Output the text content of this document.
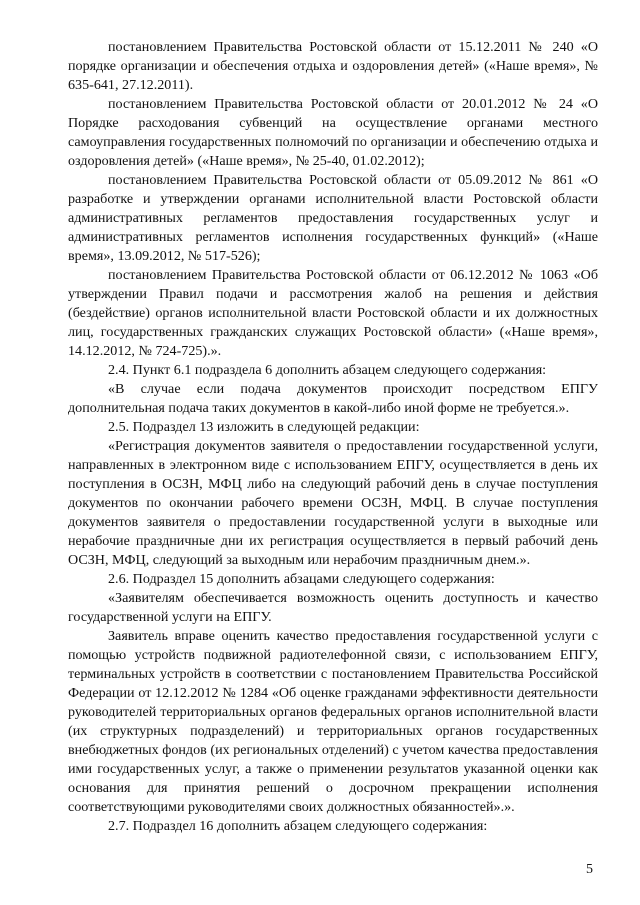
постановлением Правительства Ростовской области от 15.12.2011 № 240 «О порядке организации и обеспечения отдыха и оздоровления детей» («Наше время», № 635-641, 27.12.2011).

постановлением Правительства Ростовской области от 20.01.2012 № 24 «О Порядке расходования субвенций на осуществление органами местного самоуправления государственных полномочий по организации и обеспечению отдыха и оздоровления детей» («Наше время», № 25-40, 01.02.2012);

постановлением Правительства Ростовской области от 05.09.2012 № 861 «О разработке и утверждении органами исполнительной власти Ростовской области административных регламентов предоставления государственных услуг и административных регламентов исполнения государственных функций» («Наше время», 13.09.2012, № 517-526);

постановлением Правительства Ростовской области от 06.12.2012 № 1063 «Об утверждении Правил подачи и рассмотрения жалоб на решения и действия (бездействие) органов исполнительной власти Ростовской области и их должностных лиц, государственных гражданских служащих Ростовской области» («Наше время», 14.12.2012, № 724-725).».

2.4. Пункт 6.1 подраздела 6 дополнить абзацем следующего содержания:

«В случае если подача документов происходит посредством ЕПГУ дополнительная подача таких документов в какой-либо иной форме не требуется.».

2.5. Подраздел 13 изложить в следующей редакции:

«Регистрация документов заявителя о предоставлении государственной услуги, направленных в электронном виде с использованием ЕПГУ, осуществляется в день их поступления в ОСЗН, МФЦ либо на следующий рабочий день в случае поступления документов по окончании рабочего времени ОСЗН, МФЦ. В случае поступления документов заявителя о предоставлении государственной услуги в выходные или нерабочие праздничные дни их регистрация осуществляется в первый рабочий день ОСЗН, МФЦ, следующий за выходным или нерабочим праздничным днем.».

2.6. Подраздел 15 дополнить абзацами следующего содержания:

«Заявителям обеспечивается возможность оценить доступность и качество государственной услуги на ЕПГУ.

Заявитель вправе оценить качество предоставления государственной услуги с помощью устройств подвижной радиотелефонной связи, с использованием ЕПГУ, терминальных устройств в соответствии с постановлением Правительства Российской Федерации от 12.12.2012 № 1284 «Об оценке гражданами эффективности деятельности руководителей территориальных органов федеральных органов исполнительной власти (их структурных подразделений) и территориальных органов государственных внебюджетных фондов (их региональных отделений) с учетом качества предоставления ими государственных услуг, а также о применении результатов указанной оценки как основания для принятия решений о досрочном прекращении исполнения соответствующими руководителями своих должностных обязанностей».».

2.7. Подраздел 16 дополнить абзацем следующего содержания:

5
